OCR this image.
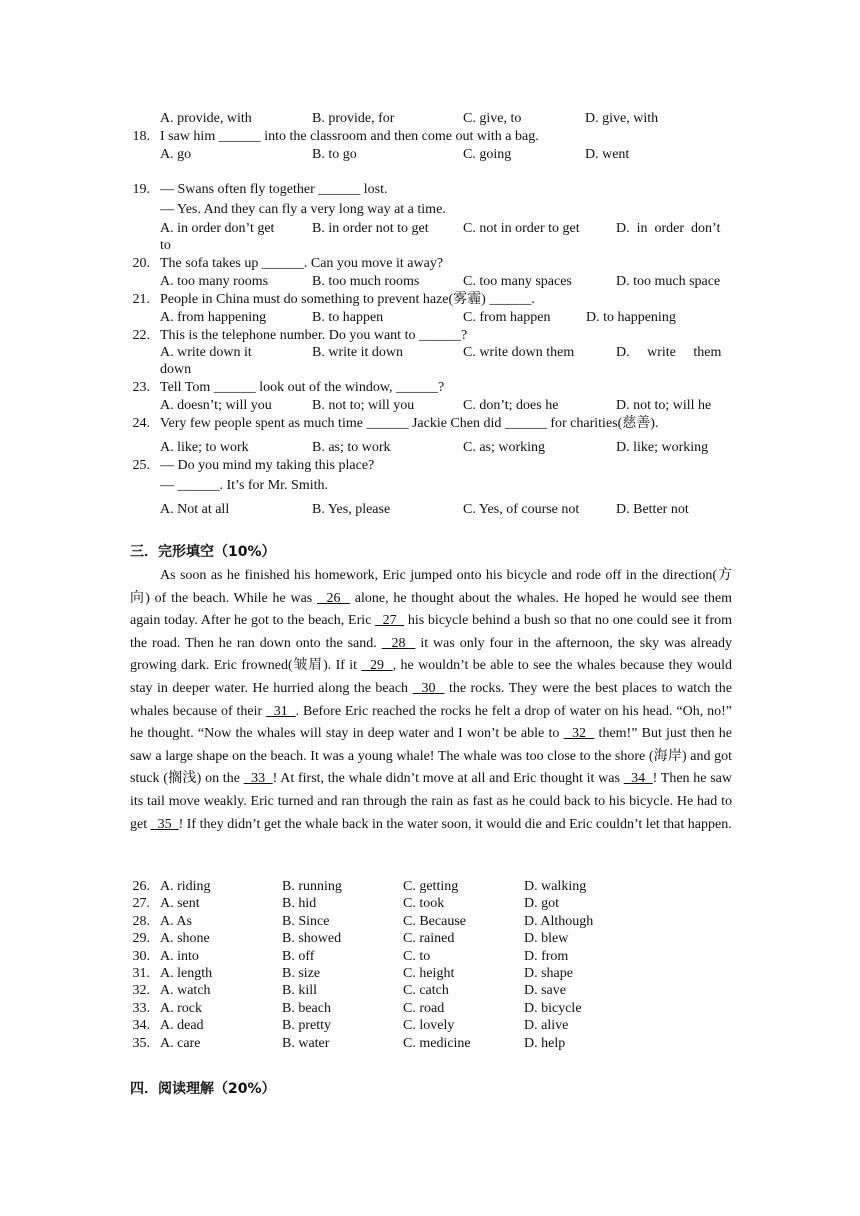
A. provide, with	B. provide, for	C. give, to	D. give, with
18. I saw him ______ into the classroom and then come out with a bag.
A. go	B. to go	C. going	D. went
19. — Swans often fly together ______ lost.
— Yes. And they can fly a very long way at a time.
A. in order don’t get	B. in order not to get C. not in order to get	D.  in  order  don’t
to
20. The sofa takes up ______. Can you move it away?
A. too many rooms	B. too much rooms	C. too many spaces	D. too much space
21. People in China must do something to prevent haze(雾霾) ______.
A. from happening	B. to happen	C. from happen	D. to happening
22. This is the telephone number. Do you want to ______?
A. write down it	B. write it down	C. write down them	D.     write     them
down
23. Tell Tom ______ look out of the window, ______?
A. doesn’t; will you	B. not to; will you	C. don’t; does he	D. not to; will he
24. Very few people spent as much time ______ Jackie Chen did ______ for charities(慈善).
A. like; to work	B. as; to work	C. as; working	D. like; working
25. — Do you mind my taking this place?
— ______. It’s for Mr. Smith.
A. Not at all	B. Yes, please	C. Yes, of course not	D. Better not
三．完形填空（10%）
As soon as he finished his homework, Eric jumped onto his bicycle and rode off in the direction(方向) of the beach. While he was   26   alone, he thought about the whales. He hoped he would see them again today. After he got to the beach, Eric   27   his bicycle behind a bush so that no one could see it from the road. Then he ran down onto the sand.   28   it was only four in the afternoon, the sky was already growing dark. Eric frowned(皱眉). If it   29  , he wouldn’t be able to see the whales because they would stay in deeper water. He hurried along the beach   30   the rocks. They were the best places to watch the whales because of their   31  . Before Eric reached the rocks he felt a drop of water on his head. “Oh, no!” he thought. “Now the whales will stay in deep water and I won’t be able to   32   them!” But just then he saw a large shape on the beach. It was a young whale! The whale was too close to the shore (海岸) and got stuck (搁浅) on the   33  ! At first, the whale didn’t move at all and Eric thought it was   34  ! Then he saw its tail move weakly. Eric turned and ran through the rain as fast as he could back to his bicycle. He had to get   35  ! If they didn’t get the whale back in the water soon, it would die and Eric couldn’t let that happen.
26. A. riding	B. running	C. getting	D. walking
27. A. sent	B. hid	C. took	D. got
28. A. As	B. Since	C. Because	D. Although
29. A. shone	B. showed	C. rained	D. blew
30. A. into	B. off	C. to	D. from
31. A. length	B. size	C. height	D. shape
32. A. watch	B. kill	C. catch	D. save
33. A. rock	B. beach	C. road	D. bicycle
34. A. dead	B. pretty	C. lovely	D. alive
35. A. care	B. water	C. medicine	D. help
四．阅读理解（20%）
